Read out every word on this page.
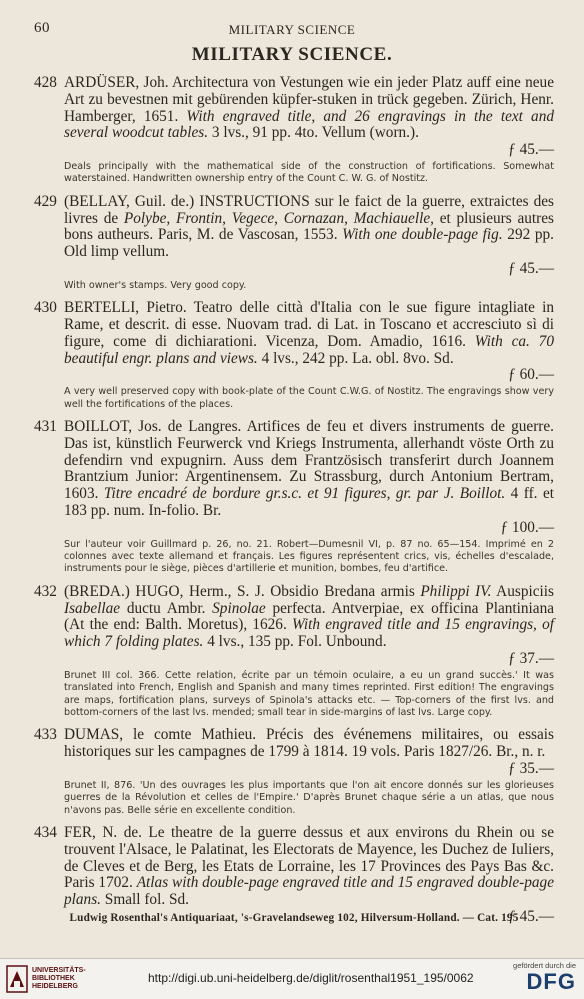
60	MILITARY SCIENCE
MILITARY SCIENCE.
428 ARDÜSER, Joh. Architectura von Vestungen wie ein jeder Platz auff eine neue Art zu bevestnen mit gebürenden küpfer-stuken in trück gegeben. Zürich, Henr. Hamberger, 1651. With engraved title, and 26 engravings in the text and several woodcut tables. 3 lvs., 91 pp. 4to. Vellum (worn.).
ƒ 45.—
Deals principally with the mathematical side of the construction of fortifications. Somewhat waterstained. Handwritten ownership entry of the Count C. W. G. of Nostitz.
429 (BELLAY, Guil. de.) INSTRUCTIONS sur le faict de la guerre, extraictes des livres de Polybe, Frontin, Vegece, Cornazan, Machiauelle, et plusieurs autres bons autheurs. Paris, M. de Vascosan, 1553. With one double-page fig. 292 pp. Old limp vellum.
ƒ 45.—
With owner's stamps. Very good copy.
430 BERTELLI, Pietro. Teatro delle città d'Italia con le sue figure intagliate in Rame, et descrit. di esse. Nuovam trad. di Lat. in Toscano et accresciuto sì di figure, come di dichiarationi. Vicenza, Dom. Amadio, 1616. With ca. 70 beautiful engr. plans and views. 4 lvs., 242 pp. La. obl. 8vo. Sd.
ƒ 60.—
A very well preserved copy with book-plate of the Count C.W.G. of Nostitz. The engravings show very well the fortifications of the places.
431 BOILLOT, Jos. de Langres. Artifices de feu et divers instruments de guerre. Das ist, künstlich Feurwerck vnd Kriegs Instrumenta, allerhandt vöste Orth zu defendirn vnd expugnirn. Auss dem Frantzösisch transferirt durch Joannem Brantzium Junior: Argentinensem. Zu Strassburg, durch Antonium Bertram, 1603. Titre encadré de bordure gr.s.c. et 91 figures, gr. par J. Boillot. 4 ff. et 183 pp. num. In-folio. Br.
ƒ 100.—
Sur l'auteur voir Guillmard p. 26, no. 21. Robert—Dumesnil VI, p. 87 no. 65—154. Imprimé en 2 colonnes avec texte allemand et français. Les figures représentent crics, vis, échelles d'escalade, instruments pour le siège, pièces d'artillerie et munition, bombes, feu d'artifice.
432 (BREDA.) HUGO, Herm., S. J. Obsidio Bredana armis Philippi IV. Auspiciis Isabellae ductu Ambr. Spinolae perfecta. Antverpiae, ex officina Plantiniana (At the end: Balth. Moretus), 1626. With engraved title and 15 engravings, of which 7 folding plates. 4 lvs., 135 pp. Fol. Unbound.
ƒ 37.—
Brunet III col. 366. Cette relation, écrite par un témoin oculaire, a eu un grand succès.' It was translated into French, English and Spanish and many times reprinted. First edition! The engravings are maps, fortification plans, surveys of Spinola's attacks etc. — Top-corners of the first lvs. and bottom-corners of the last lvs. mended; small tear in side-margins of last lvs. Large copy.
433 DUMAS, le comte Mathieu. Précis des événemens militaires, ou essais historiques sur les campagnes de 1799 à 1814. 19 vols. Paris 1827/26. Br., n. r.
ƒ 35.—
Brunet II, 876. 'Un des ouvrages les plus importants que l'on ait encore donnés sur les glorieuses guerres de la Révolution et celles de l'Empire.' D'après Brunet chaque série a un atlas, que nous n'avons pas. Belle série en excellente condition.
434 FER, N. de. Le theatre de la guerre dessus et aux environs du Rhein ou se trouvent l'Alsace, le Palatinat, les Electorats de Mayence, les Duchez de Iuliers, de Cleves et de Berg, les Etats de Lorraine, les 17 Provinces des Pays Bas &c. Paris 1702. Atlas with double-page engraved title and 15 engraved double-page plans. Small fol. Sd.
ƒ 45.—
Ludwig Rosenthal's Antiquariaat, 's-Gravelandseweg 102, Hilversum-Holland. — Cat. 195
UNIVERSITÄTS-
BIBLIOTHEK
HEIDELBERG
http://digi.ub.uni-heidelberg.de/diglit/rosenthal1951_195/0062
gefördert durch die
DFG
